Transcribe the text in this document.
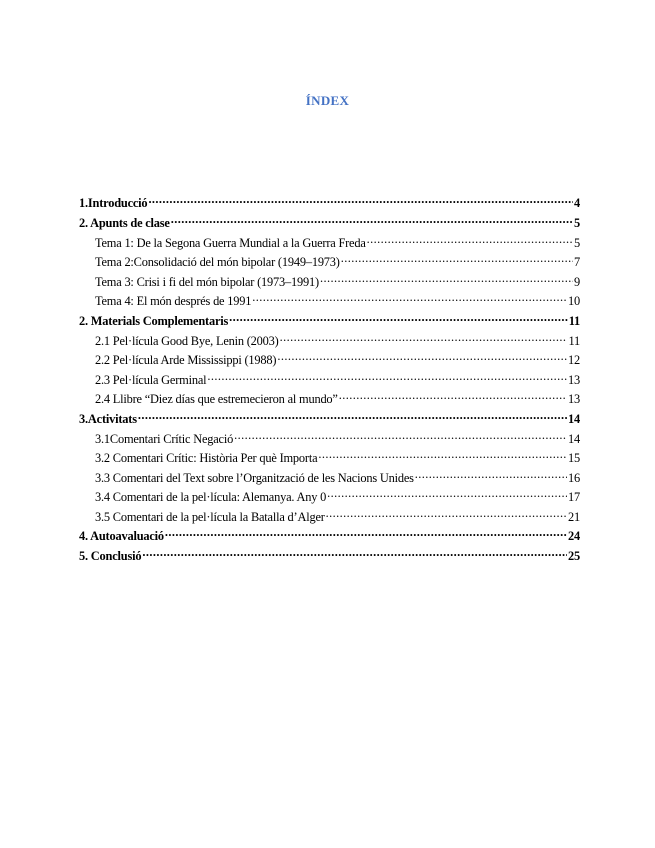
ÍNDEX
1.Introducció .....	4
2. Apunts de clase .....	5
Tema 1: De la Segona Guerra Mundial a la Guerra Freda .....	5
Tema 2:Consolidació del món bipolar (1949–1973) .....	7
Tema 3: Crisi i fi del món bipolar (1973–1991) .....	9
Tema 4: El món després de 1991 .....	10
2. Materials Complementaris .....	11
2.1 Pel·lícula Good Bye, Lenin (2003) .....	11
2.2 Pel·lícula Arde Mississippi (1988) .....	12
2.3 Pel·lícula Germinal .....	13
2.4 Llibre “Diez días que estremecieron al mundo” .....	13
3.Activitats .....	14
3.1Comentari Crític Negació .....	14
3.2 Comentari Crític: Història Per què Importa .....	15
3.3 Comentari del Text sobre l’Organització de les Nacions Unides .....	16
3.4 Comentari de la pel·lícula: Alemanya. Any 0 .....	17
3.5 Comentari de la pel·lícula la Batalla d’Alger .....	21
4. Autoavaluació .....	24
5. Conclusió .....	25
